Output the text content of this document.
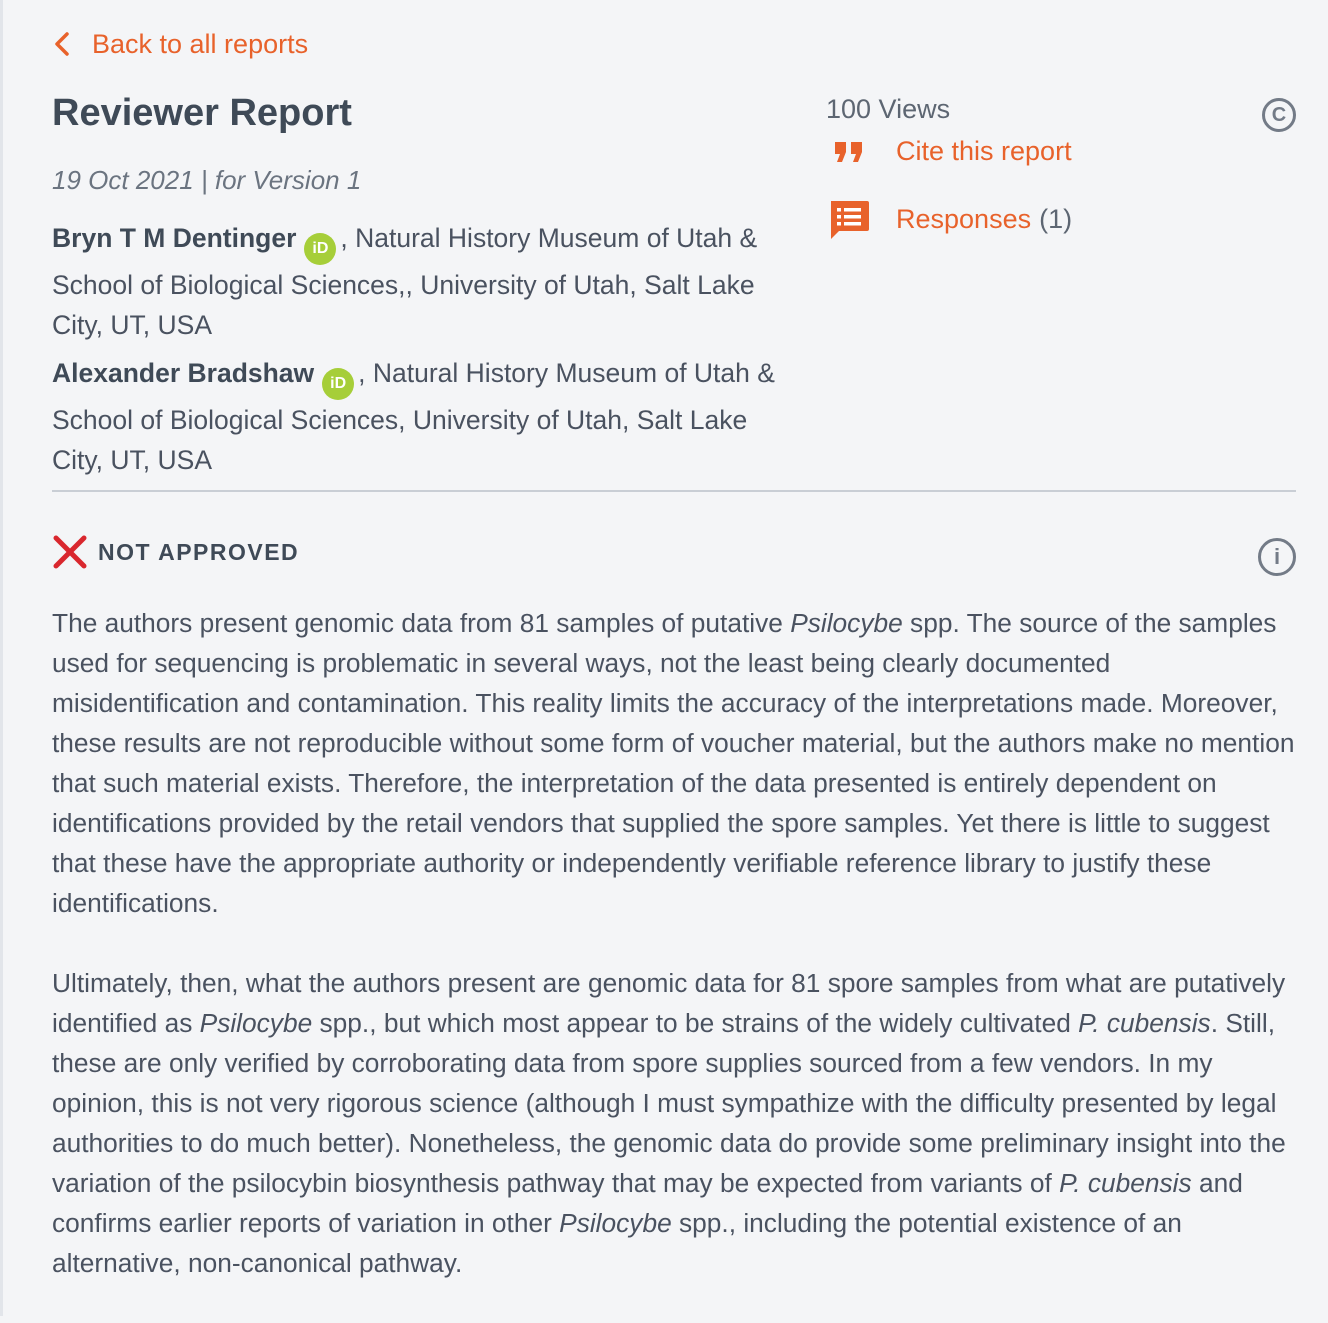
Back to all reports
Reviewer Report
19 Oct 2021 | for Version 1
Bryn T M Dentinger iD , Natural History Museum of Utah & School of Biological Sciences,, University of Utah, Salt Lake City, UT, USA
Alexander Bradshaw iD , Natural History Museum of Utah & School of Biological Sciences, University of Utah, Salt Lake City, UT, USA
100 Views
Cite this report
Responses (1)
C
NOT APPROVED	i

The authors present genomic data from 81 samples of putative Psilocybe spp. The source of the samples used for sequencing is problematic in several ways, not the least being clearly documented misidentification and contamination. This reality limits the accuracy of the interpretations made. Moreover, these results are not reproducible without some form of voucher material, but the authors make no mention that such material exists. Therefore, the interpretation of the data presented is entirely dependent on identifications provided by the retail vendors that supplied the spore samples. Yet there is little to suggest that these have the appropriate authority or independently verifiable reference library to justify these identifications.

Ultimately, then, what the authors present are genomic data for 81 spore samples from what are putatively identified as Psilocybe spp., but which most appear to be strains of the widely cultivated P. cubensis. Still, these are only verified by corroborating data from spore supplies sourced from a few vendors. In my opinion, this is not very rigorous science (although I must sympathize with the difficulty presented by legal authorities to do much better). Nonetheless, the genomic data do provide some preliminary insight into the variation of the psilocybin biosynthesis pathway that may be expected from variants of P. cubensis and confirms earlier reports of variation in other Psilocybe spp., including the potential existence of an alternative, non-canonical pathway.
